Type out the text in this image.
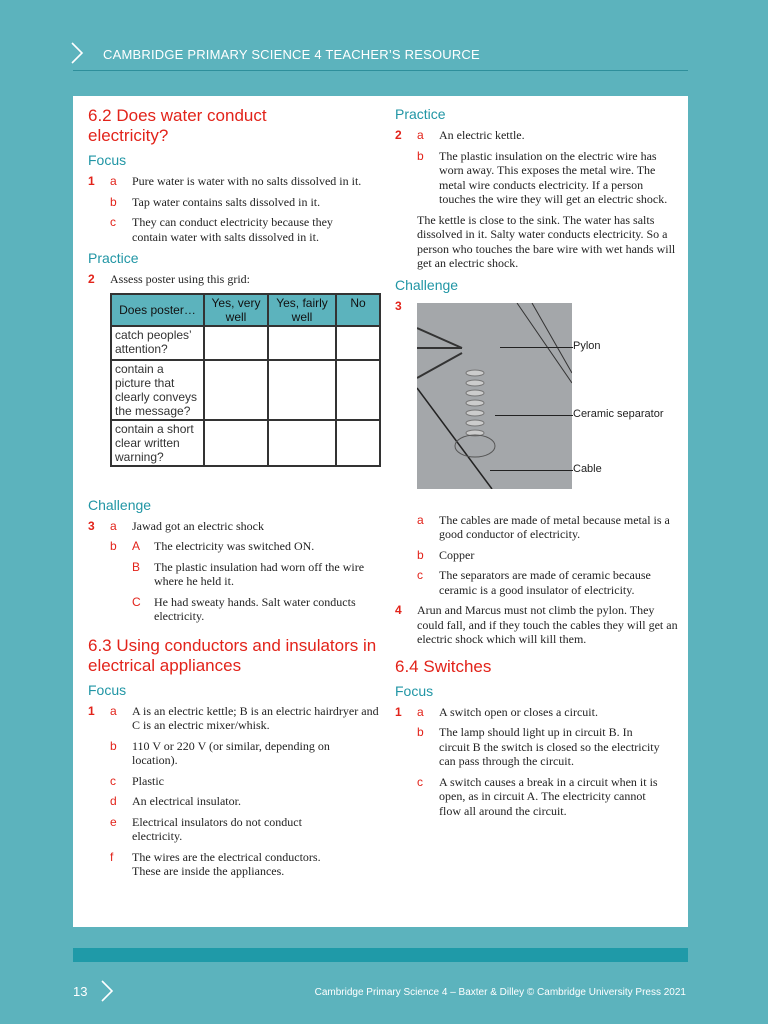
CAMBRIDGE PRIMARY SCIENCE 4 TEACHER’S RESOURCE
6.2 Does water conduct electricity?
Focus
1	a	Pure water is water with no salts dissolved in it.
b	Tap water contains salts dissolved in it.
c	They can conduct electricity because they contain water with salts dissolved in it.
Practice
2	Assess poster using this grid:
Does poster…	Yes, very well	Yes, fairly well	No
catch peoples’ attention?			
contain a picture that clearly conveys the message?			
contain a short clear written warning?			
Challenge
3	a	Jawad got an electric shock
b	A	The electricity was switched ON.
B	The plastic insulation had worn off the wire where he held it.
C	He had sweaty hands. Salt water conducts electricity.
6.3 Using conductors and insulators in electrical appliances
Focus
1	a	A is an electric kettle; B is an electric hairdryer and C is an electric mixer/whisk.
b	110 V or 220 V (or similar, depending on location).
c	Plastic
d	An electrical insulator.
e	Electrical insulators do not conduct electricity.
f	The wires are the electrical conductors. These are inside the appliances.
Practice
2	a	An electric kettle.
b	The plastic insulation on the electric wire has worn away. This exposes the metal wire. The metal wire conducts electricity. If a person touches the wire they will get an electric shock.

The kettle is close to the sink. The water has salts dissolved in it. Salty water conducts electricity. So a person who touches the bare wire with wet hands will get an electric shock.

Challenge
3
Pylon
Ceramic separator
Cable
a	The cables are made of metal because metal is a good conductor of electricity.
b	Copper
c	The separators are made of ceramic because ceramic is a good insulator of electricity.
4	Arun and Marcus must not climb the pylon. They could fall, and if they touch the cables they will get an electric shock which will kill them.
6.4 Switches
Focus
1	a	A switch open or closes a circuit.
b	The lamp should light up in circuit B. In circuit B the switch is closed so the electricity can pass through the circuit.
c	A switch causes a break in a circuit when it is open, as in circuit A. The electricity cannot flow all around the circuit.
13	Cambridge Primary Science 4 – Baxter & Dilley © Cambridge University Press 2021
